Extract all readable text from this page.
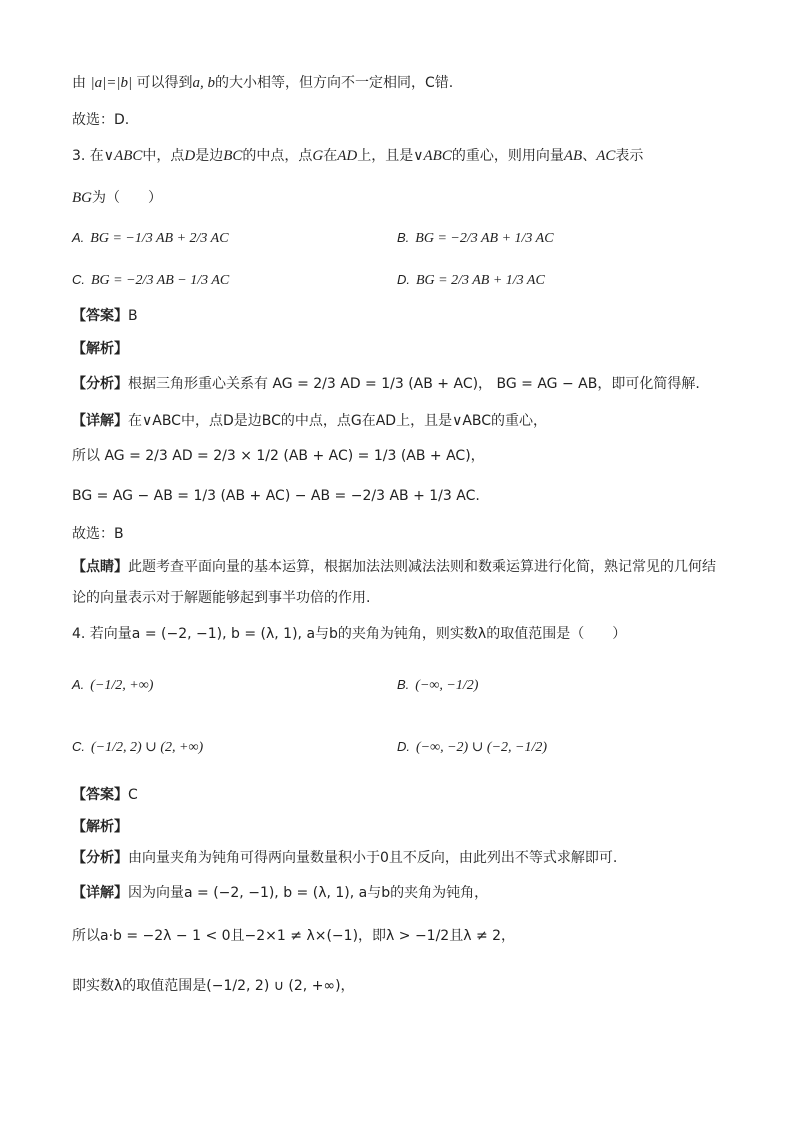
由 |a|=|b| 可以得到a, b的大小相等，但方向不一定相同，C错.
故选：D.
3. 在∨ABC中，点D是边BC的中点，点G在AD上，且是∨ABC的重心，则用向量AB、AC表示
BG为（　　）
A. BG = −1/3 AB + 2/3 AC	B. BG = −2/3 AB + 1/3 AC
C. BG = −2/3 AB − 1/3 AC	D. BG = 2/3 AB + 1/3 AC
【答案】B
【解析】
【分析】根据三角形重心关系有 AG = 2/3 AD = 1/3 (AB + AC)， BG = AG − AB，即可化简得解.
【详解】在∨ABC中，点D是边BC的中点，点G在AD上，且是∨ABC的重心，
所以 AG = 2/3 AD = 2/3 × 1/2 (AB + AC) = 1/3 (AB + AC)，
BG = AG − AB = 1/3 (AB + AC) − AB = −2/3 AB + 1/3 AC.
故选：B
【点睛】此题考查平面向量的基本运算，根据加法法则减法法则和数乘运算进行化简，熟记常见的几何结
论的向量表示对于解题能够起到事半功倍的作用.
4. 若向量a = (−2, −1), b = (λ, 1), a与b的夹角为钝角，则实数λ的取值范围是（　　）
A. (−1/2, +∞)	B. (−∞, −1/2)
C. (−1/2, 2) ∪ (2, +∞)	D. (−∞, −2) ∪ (−2, −1/2)
【答案】C
【解析】
【分析】由向量夹角为钝角可得两向量数量积小于0且不反向，由此列出不等式求解即可.
【详解】因为向量a = (−2, −1), b = (λ, 1), a与b的夹角为钝角，
所以a·b = −2λ − 1 < 0且−2×1 ≠ λ×(−1)，即λ > −1/2且λ ≠ 2，
即实数λ的取值范围是(−1/2, 2) ∪ (2, +∞)，
